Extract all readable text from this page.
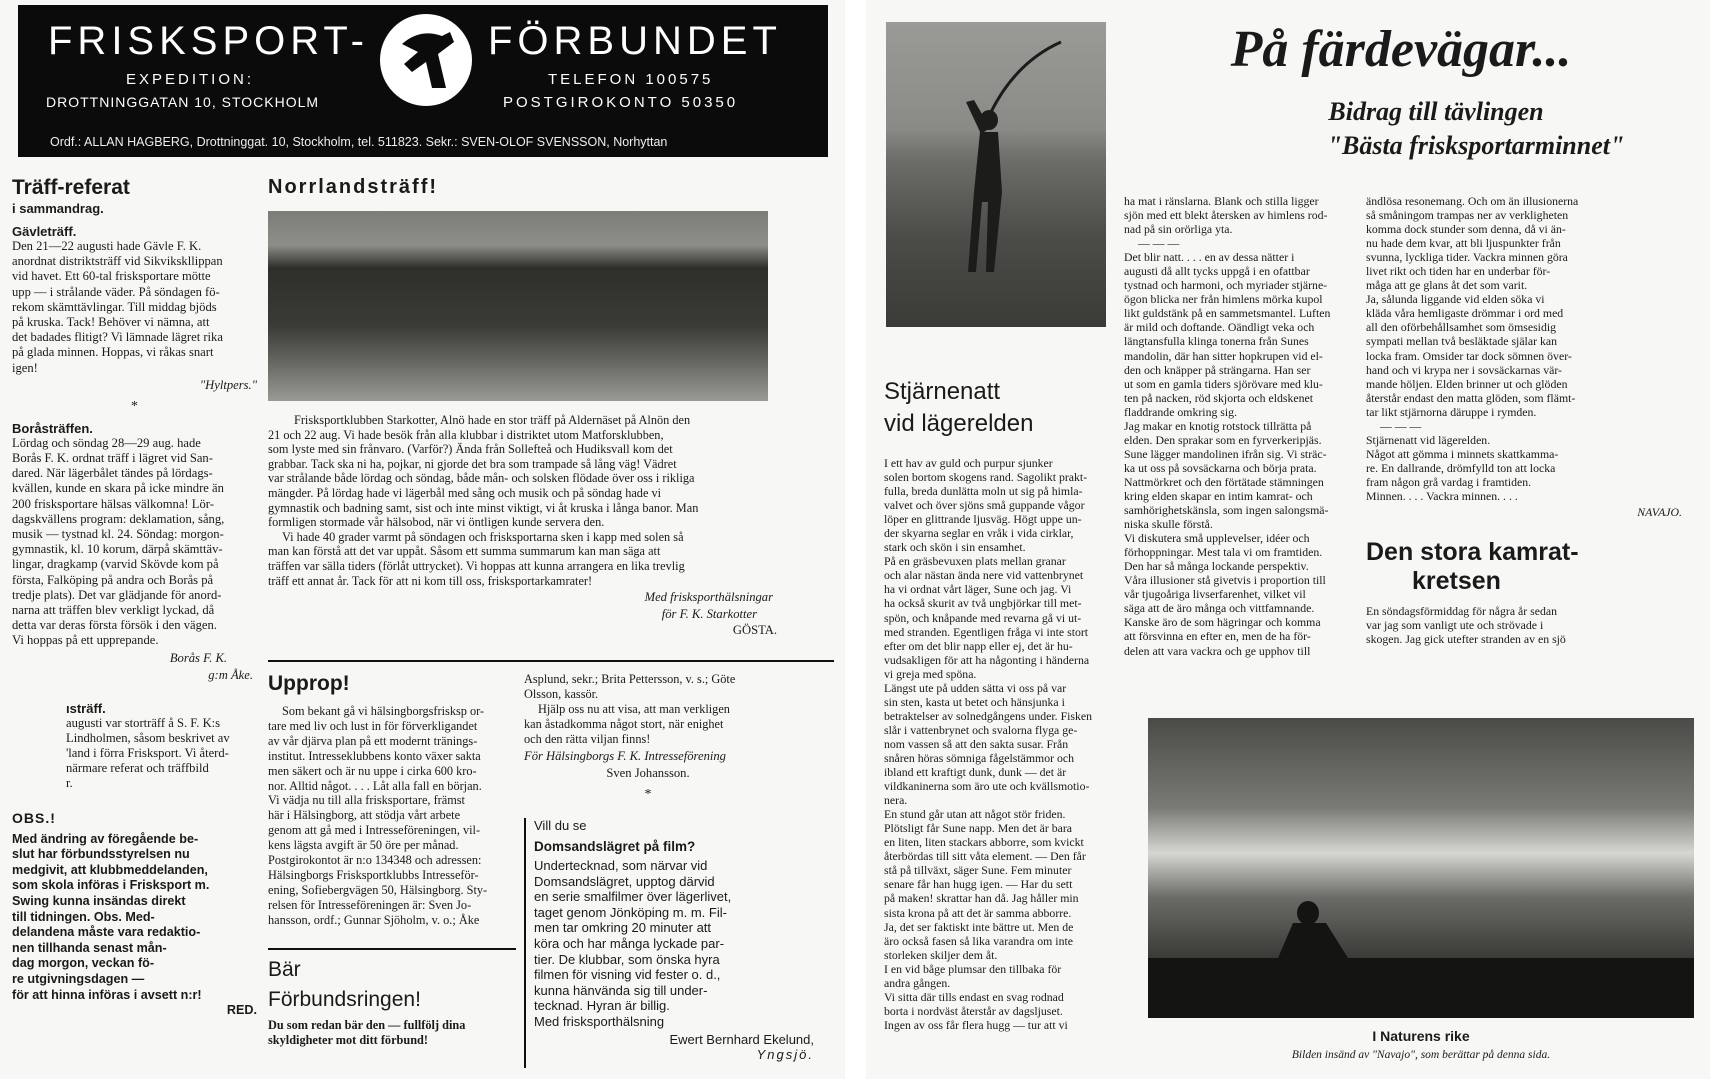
FRISKSPORT-	FÖRBUNDET
EXPEDITION:
DROTTNINGGATAN 10, STOCKHOLM
TELEFON 100575
POSTGIROKONTO 50350
Ordf.: ALLAN HAGBERG, Drottninggat. 10, Stockholm, tel. 511823. Sekr.: SVEN-OLOF SVENSSON, Norhyttan
Träff-referat
i sammandrag.
Gävleträff.
Den 21—22 augusti hade Gävle F. K.
anordnat distriktsträff vid Sikvikskllippan
vid havet. Ett 60-tal frisksportare mötte
upp — i strålande väder. På söndagen fö-
rekom skämttävlingar. Till middag bjöds
på kruska. Tack! Behöver vi nämna, att
det badades flitigt? Vi lämnade lägret rika
på glada minnen. Hoppas, vi råkas snart
igen!
"Hyltpers."
*
Boråsträffen.
Lördag och söndag 28—29 aug. hade
Borås F. K. ordnat träff i lägret vid San-
dared. När lägerbålet tändes på lördags-
kvällen, kunde en skara på icke mindre än
200 frisksportare hälsas välkomna! Lör-
dagskvällens program: deklamation, sång,
musik — tystnad kl. 24. Söndag: morgon-
gymnastik, kl. 10 korum, därpå skämttäv-
lingar, dragkamp (varvid Skövde kom på
första, Falköping på andra och Borås på
tredje plats). Det var glädjande för anord-
narna att träffen blev verkligt lyckad, då
detta var deras första försök i den vägen.
Vi hoppas på ett upprepande.
Borås F. K.
g:m Åke.
ısträff.
augusti var storträff å S. F. K:s
Lindholmen, såsom beskrivet av
'land i förra Frisksport. Vi återd-
närmare referat och träffbild
r.
OBS.!
Med ändring av föregående be-
slut har förbundsstyrelsen nu
medgivit, att klubbmeddelanden,
som skola införas i Frisksport m.
Swing kunna insändas direkt
till tidningen. Obs. Med-
delandena måste vara redaktio-
nen tillhanda senast mån-
dag morgon, veckan fö-
re utgivningsdagen —
för att hinna införas i avsett n:r!
RED.
Norrlandsträff!
Frisksportklubben Starkotter, Alnö hade en stor träff på Aldernäset på Alnön den
21 och 22 aug. Vi hade besök från alla klubbar i distriktet utom Matforsklubben,
som lyste med sin frånvaro. (Varför?) Ända från Sollefteå och Hudiksvall kom det
grabbar. Tack ska ni ha, pojkar, ni gjorde det bra som trampade så lång väg! Vädret
var strålande både lördag och söndag, både mån- och solsken flödade över oss i rikliga
mängder. På lördag hade vi lägerbål med sång och musik och på söndag hade vi
gymnastik och badning samt, sist och inte minst viktigt, vi åt kruska i långa banor. Man
formligen stormade vår hälsobod, när vi öntligen kunde servera den.
Vi hade 40 grader varmt på söndagen och frisksportarna sken i kapp med solen så
man kan förstå att det var uppåt. Såsom ett summa summarum kan man säga att
träffen var sälla tiders (förlåt uttrycket). Vi hoppas att kunna arrangera en lika trevlig
träff ett annat år. Tack för att ni kom till oss, frisksportarkamrater!
Med frisksporthälsningar
för F. K. Starkotter
GÖSTA.
Upprop!
Som bekant gå vi hälsingborgsfrisksp or-
tare med liv och lust in för förverkligandet
av vår djärva plan på ett modernt tränings-
institut. Intresseklubbens konto växer sakta
men säkert och är nu uppe i cirka 600 kro-
nor. Alltid något. . . . Låt alla fall en början.
Vi vädja nu till alla frisksportare, främst
här i Hälsingborg, att stödja vårt arbete
genom att gå med i Intresseföreningen, vil-
kens lägsta avgift är 50 öre per månad.
Postgirokontot är n:o 134348 och adressen:
Hälsingborgs Frisksportklubbs Intresseför-
ening, Sofiebergvägen 50, Hälsingborg. Sty-
relsen för Intresseföreningen är: Sven Jo-
hansson, ordf.; Gunnar Sjöholm, v. o.; Åke
Bär
Förbundsringen!
Du som redan bär den — fullfölj dina
skyldigheter mot ditt förbund!
Asplund, sekr.; Brita Pettersson, v. s.; Göte
Olsson, kassör.
Hjälp oss nu att visa, att man verkligen
kan åstadkomma något stort, när enighet
och den rätta viljan finns!
För Hälsingborgs F. K. Intresseförening
Sven Johansson.
*
Vill du se
Domsandslägret på film?
Undertecknad, som närvar vid
Domsandslägret, upptog därvid
en serie smalfilmer över lägerlivet,
taget genom Jönköping m. m. Fil-
men tar omkring 20 minuter att
köra och har många lyckade par-
tier. De klubbar, som önska hyra
filmen för visning vid fester o. d.,
kunna hänvända sig till under-
tecknad. Hyran är billig.
Med frisksporthälsning
Ewert Bernhard Ekelund,
Yngsjö.
På färdevägar...
Bidrag till tävlingen
"Bästa frisksportarminnet"
Stjärnenatt
vid lägerelden
I ett hav av guld och purpur sjunker
solen bortom skogens rand. Sagolikt prakt-
fulla, breda dunlätta moln ut sig på himla-
valvet och över sjöns små guppande vågor
löper en glittrande ljusväg. Högt uppe un-
der skyarna seglar en vråk i vida cirklar,
stark och skön i sin ensamhet.
På en gräsbevuxen plats mellan granar
och alar nästan ända nere vid vattenbrynet
ha vi ordnat vårt läger, Sune och jag. Vi
ha också skurit av två ungbjörkar till met-
spön, och knåpande med revarna gå vi ut-
med stranden. Egentligen fråga vi inte stort
efter om det blir napp eller ej, det är hu-
vudsakligen för att ha någonting i händerna
vi greja med spöna.
Längst ute på udden sätta vi oss på var
sin sten, kasta ut betet och hänsjunka i
betraktelser av solnedgångens under. Fisken
slår i vattenbrynet och svalorna flyga ge-
nom vassen så att den sakta susar. Från
snåren höras sömniga fågelstämmor och
ibland ett kraftigt dunk, dunk — det är
vildkaninerna som äro ute och kvällsmotio-
nera.
En stund går utan att något stör friden.
Plötsligt får Sune napp. Men det är bara
en liten, liten stackars abborre, som kvickt
återbördas till sitt våta element. — Den får
stå på tillväxt, säger Sune. Fem minuter
senare får han hugg igen. — Har du sett
på maken! skrattar han då. Jag håller min
sista krona på att det är samma abborre.
Ja, det ser faktiskt inte bättre ut. Men de
äro också fasen så lika varandra om inte
storleken skiljer dem åt.
I en vid båge plumsar den tillbaka för
andra gången.
Vi sitta där tills endast en svag rodnad
borta i nordväst återstår av dagsljuset.
Ingen av oss får flera hugg — tur att vi
ha mat i ränslarna. Blank och stilla ligger
sjön med ett blekt återsken av himlens rod-
nad på sin orörliga yta.
— — —
Det blir natt. . . . en av dessa nätter i
augusti då allt tycks uppgå i en ofattbar
tystnad och harmoni, och myriader stjärne-
ögon blicka ner från himlens mörka kupol
likt guldstänk på en sammetsmantel. Luften
är mild och doftande. Oändligt veka och
längtansfulla klinga tonerna från Sunes
mandolin, där han sitter hopkrupen vid el-
den och knäpper på strängarna. Han ser
ut som en gamla tiders sjörövare med klu-
ten på nacken, röd skjorta och eldskenet
fladdrande omkring sig.
Jag makar en knotig rotstock tillrätta på
elden. Den sprakar som en fyrverkeripjäs.
Sune lägger mandolinen ifrån sig. Vi sträc-
ka ut oss på sovsäckarna och börja prata.
Nattmörkret och den förtätade stämningen
kring elden skapar en intim kamrat- och
samhörighetskänsla, som ingen salongsmä-
niska skulle förstå.
Vi diskutera små upplevelser, idéer och
förhoppningar. Mest tala vi om framtiden.
Den har så många lockande perspektiv.
Våra illusioner stå givetvis i proportion till
vår tjugoåriga livserfarenhet, vilket vil
säga att de äro många och vittfamnande.
Kanske äro de som hägringar och komma
att försvinna en efter en, men de ha för-
delen att vara vackra och ge upphov till
ändlösa resonemang. Och om än illusionerna
så småningom trampas ner av verkligheten
komma dock stunder som denna, då vi än-
nu hade dem kvar, att bli ljuspunkter från
svunna, lyckliga tider. Vackra minnen göra
livet rikt och tiden har en underbar för-
måga att ge glans åt det som varit.
Ja, sålunda liggande vid elden söka vi
kläda våra hemligaste drömmar i ord med
all den oförbehållsamhet som ömsesidig
sympati mellan två besläktade själar kan
locka fram. Omsider tar dock sömnen över-
hand och vi krypa ner i sovsäckarnas vär-
mande höljen. Elden brinner ut och glöden
återstår endast den matta glöden, som flämt-
tar likt stjärnorna däruppe i rymden.
— — —
Stjärnenatt vid lägerelden.
Något att gömma i minnets skattkamma-
re. En dallrande, drömfylld ton att locka
fram någon grå vardag i framtiden.
Minnen. . . . Vackra minnen. . . .
NAVAJO.
Den stora kamrat-
kretsen
En söndagsförmiddag för några år sedan
var jag som vanligt ute och strövade i
skogen. Jag gick utefter stranden av en sjö
I Naturens rike
Bilden insänd av "Navajo", som berättar på denna sida.
